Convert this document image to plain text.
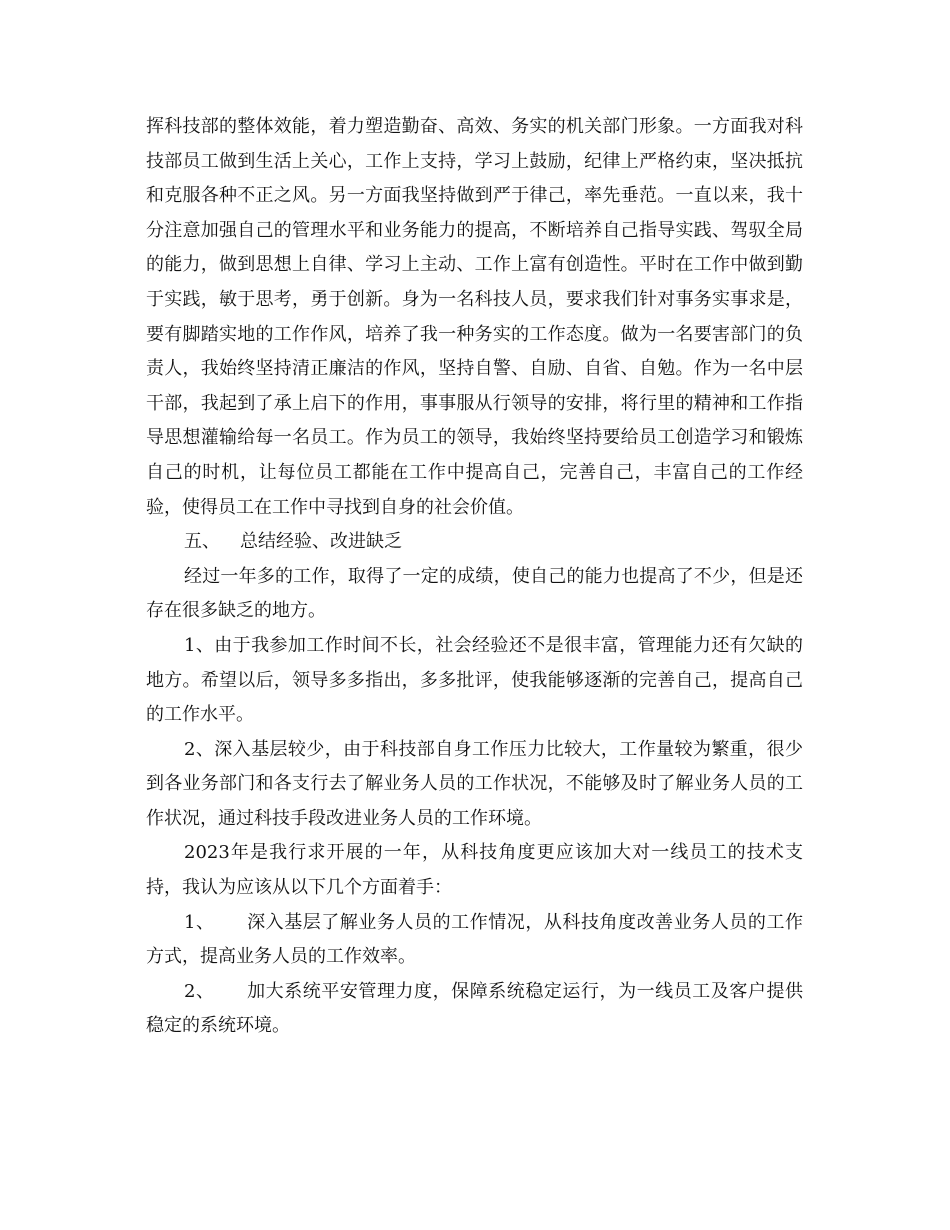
挥科技部的整体效能，着力塑造勤奋、高效、务实的机关部门形象。一方面我对科技部员工做到生活上关心，工作上支持，学习上鼓励，纪律上严格约束，坚决抵抗和克服各种不正之风。另一方面我坚持做到严于律己，率先垂范。一直以来，我十分注意加强自己的管理水平和业务能力的提高，不断培养自己指导实践、驾驭全局的能力，做到思想上自律、学习上主动、工作上富有创造性。平时在工作中做到勤于实践，敏于思考，勇于创新。身为一名科技人员，要求我们针对事务实事求是，要有脚踏实地的工作作风，培养了我一种务实的工作态度。做为一名要害部门的负责人，我始终坚持清正廉洁的作风，坚持自警、自励、自省、自勉。作为一名中层干部，我起到了承上启下的作用，事事服从行领导的安排，将行里的精神和工作指导思想灌输给每一名员工。作为员工的领导，我始终坚持要给员工创造学习和锻炼自己的时机，让每位员工都能在工作中提高自己，完善自己，丰富自己的工作经验，使得员工在工作中寻找到自身的社会价值。

五、 总结经验、改进缺乏

经过一年多的工作，取得了一定的成绩，使自己的能力也提高了不少，但是还存在很多缺乏的地方。

1、由于我参加工作时间不长，社会经验还不是很丰富，管理能力还有欠缺的地方。希望以后，领导多多指出，多多批评，使我能够逐渐的完善自己，提高自己的工作水平。

2、深入基层较少，由于科技部自身工作压力比较大，工作量较为繁重，很少到各业务部门和各支行去了解业务人员的工作状况，不能够及时了解业务人员的工作状况，通过科技手段改进业务人员的工作环境。

2023年是我行求开展的一年，从科技角度更应该加大对一线员工的技术支持，我认为应该从以下几个方面着手：

1、 深入基层了解业务人员的工作情况，从科技角度改善业务人员的工作方式，提高业务人员的工作效率。

2、 加大系统平安管理力度，保障系统稳定运行，为一线员工及客户提供稳定的系统环境。
